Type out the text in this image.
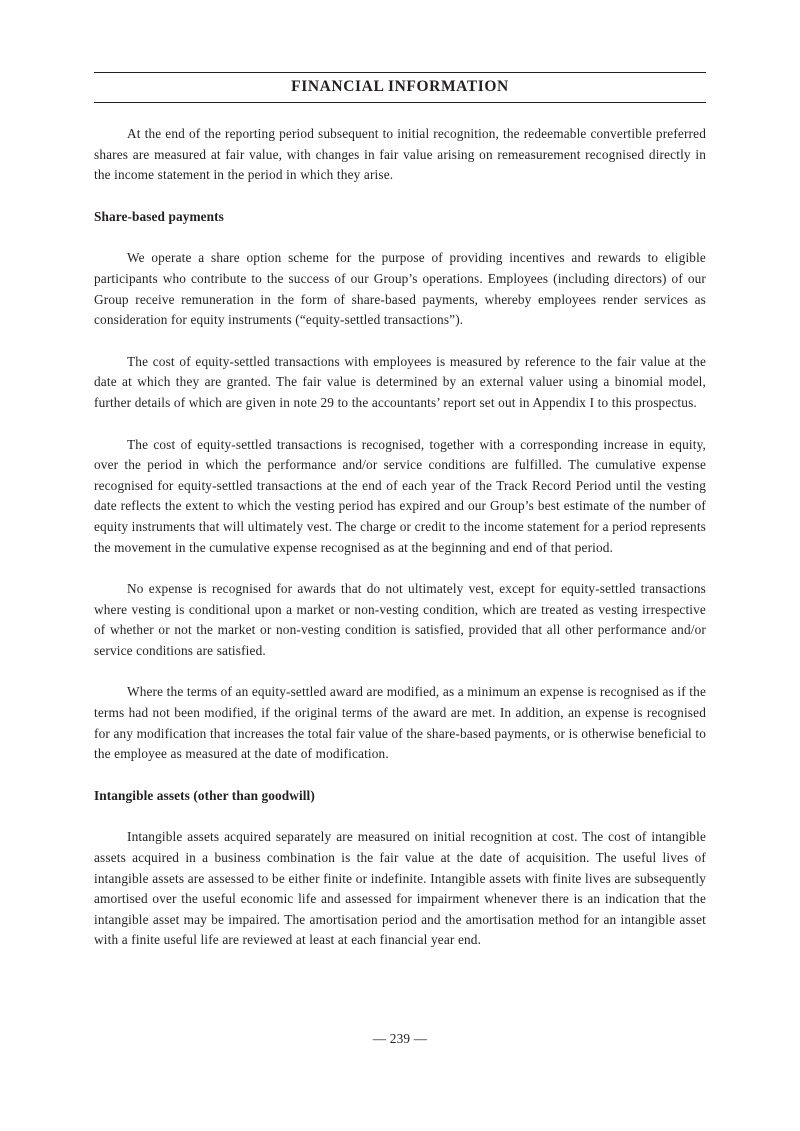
FINANCIAL INFORMATION

At the end of the reporting period subsequent to initial recognition, the redeemable convertible preferred shares are measured at fair value, with changes in fair value arising on remeasurement recognised directly in the income statement in the period in which they arise.

Share-based payments

We operate a share option scheme for the purpose of providing incentives and rewards to eligible participants who contribute to the success of our Group’s operations. Employees (including directors) of our Group receive remuneration in the form of share-based payments, whereby employees render services as consideration for equity instruments (“equity-settled transactions”).

The cost of equity-settled transactions with employees is measured by reference to the fair value at the date at which they are granted. The fair value is determined by an external valuer using a binomial model, further details of which are given in note 29 to the accountants’ report set out in Appendix I to this prospectus.

The cost of equity-settled transactions is recognised, together with a corresponding increase in equity, over the period in which the performance and/or service conditions are fulfilled. The cumulative expense recognised for equity-settled transactions at the end of each year of the Track Record Period until the vesting date reflects the extent to which the vesting period has expired and our Group’s best estimate of the number of equity instruments that will ultimately vest. The charge or credit to the income statement for a period represents the movement in the cumulative expense recognised as at the beginning and end of that period.

No expense is recognised for awards that do not ultimately vest, except for equity-settled transactions where vesting is conditional upon a market or non-vesting condition, which are treated as vesting irrespective of whether or not the market or non-vesting condition is satisfied, provided that all other performance and/or service conditions are satisfied.

Where the terms of an equity-settled award are modified, as a minimum an expense is recognised as if the terms had not been modified, if the original terms of the award are met. In addition, an expense is recognised for any modification that increases the total fair value of the share-based payments, or is otherwise beneficial to the employee as measured at the date of modification.

Intangible assets (other than goodwill)

Intangible assets acquired separately are measured on initial recognition at cost. The cost of intangible assets acquired in a business combination is the fair value at the date of acquisition. The useful lives of intangible assets are assessed to be either finite or indefinite. Intangible assets with finite lives are subsequently amortised over the useful economic life and assessed for impairment whenever there is an indication that the intangible asset may be impaired. The amortisation period and the amortisation method for an intangible asset with a finite useful life are reviewed at least at each financial year end.

— 239 —
